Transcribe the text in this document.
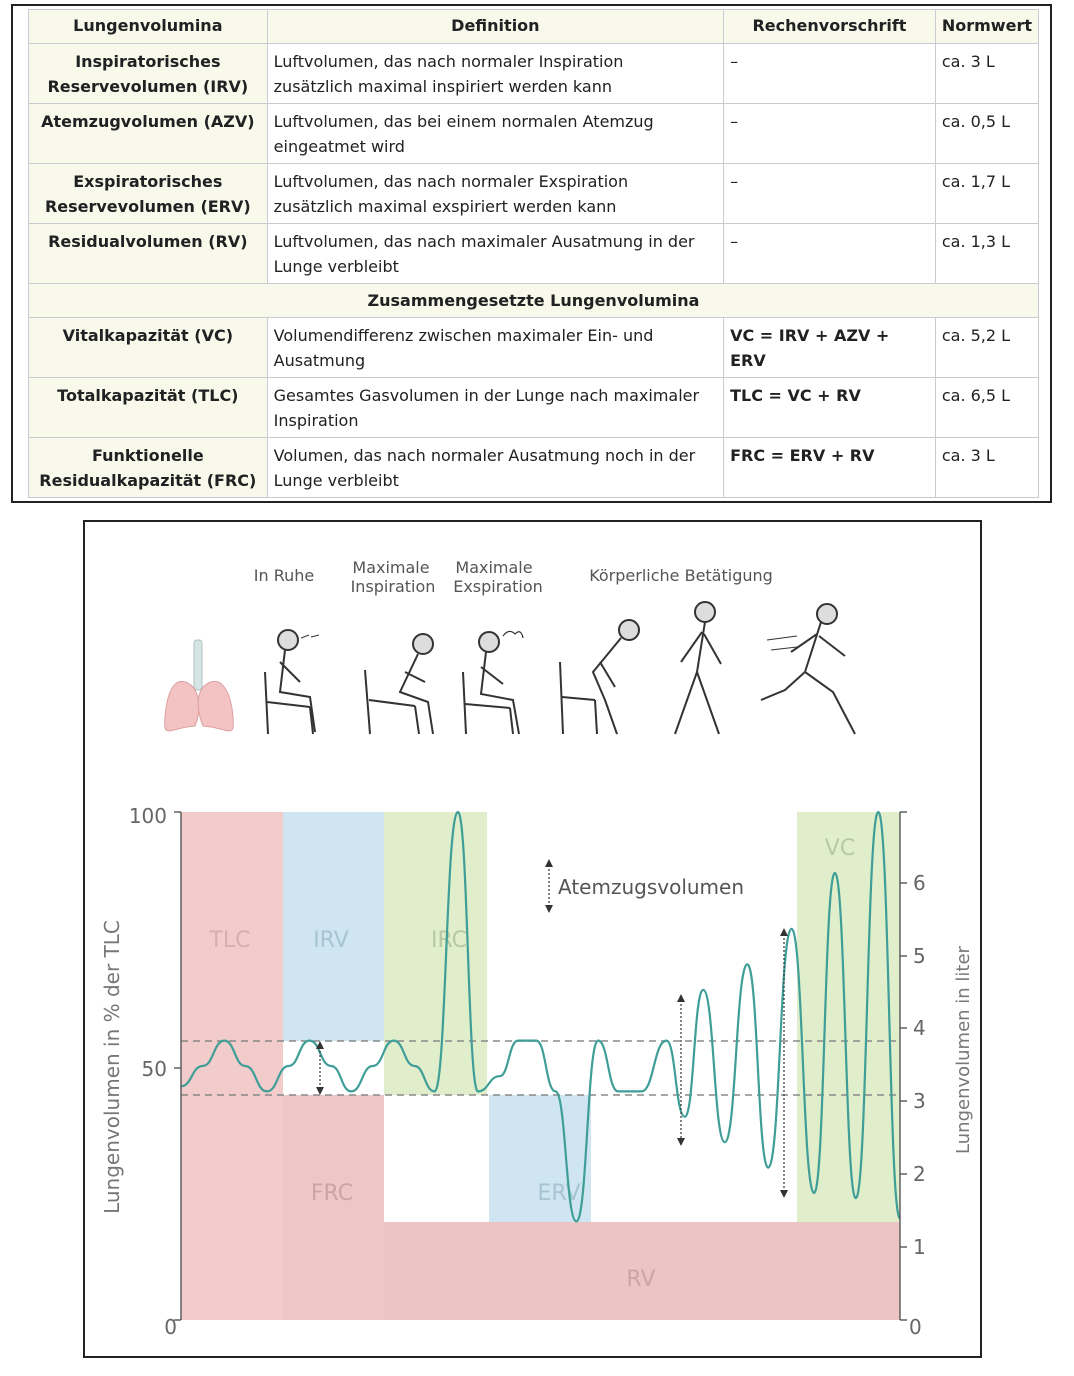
Lungenvolumina	Definition	Rechenvorschrift	Normwert
Inspiratorisches
Reservevolumen (IRV)	Luftvolumen, das nach normaler Inspiration
zusätzlich maximal inspiriert werden kann	–	ca. 3 L
Atemzugvolumen (AZV)	Luftvolumen, das bei einem normalen Atemzug
eingeatmet wird	–	ca. 0,5 L
Exspiratorisches
Reservevolumen (ERV)	Luftvolumen, das nach normaler Exspiration
zusätzlich maximal exspiriert werden kann	–	ca. 1,7 L
Residualvolumen (RV)	Luftvolumen, das nach maximaler Ausatmung in der
Lunge verbleibt	–	ca. 1,3 L
Zusammengesetzte Lungenvolumina			
Vitalkapazität (VC)	Volumendifferenz zwischen maximaler Ein- und
Ausatmung	VC = IRV + AZV + ERV	ca. 5,2 L
Totalkapazität (TLC)	Gesamtes Gasvolumen in der Lunge nach maximaler
Inspiration	TLC = VC + RV	ca. 6,5 L
Funktionelle
Residualkapazität (FRC)	Volumen, das nach normaler Ausatmung noch in der
Lunge verbleibt	FRC = ERV + RV	ca. 3 L
TLC	IRV	IRC
FRC	ERV
RV
VC
Atemzugsvolumen
100
50
0
6
5
4
3
2
1
0
Lungenvolumen in % der TLC	Lungenvolumen in liter
In Ruhe Maximale
Inspiration
Maximale
Exspiration
Körperliche Betätigung
